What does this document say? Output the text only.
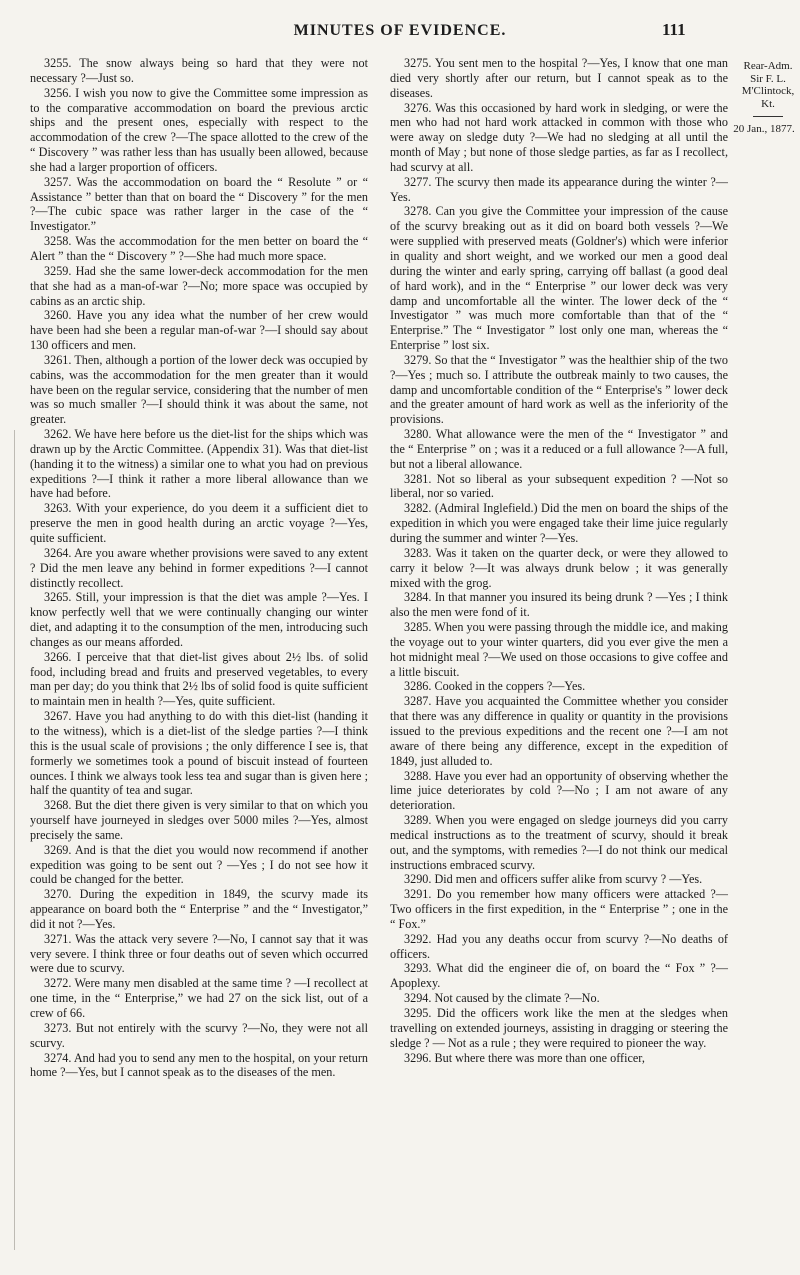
MINUTES OF EVIDENCE.	111

3255. The snow always being so hard that they were not necessary ?—Just so.

3256. I wish you now to give the Committee some impression as to the comparative accommodation on board the previous arctic ships and the present ones, especially with respect to the accommodation of the crew ?—The space allotted to the crew of the “ Discovery ” was rather less than has usually been allowed, because she had a larger proportion of officers.

3257. Was the accommodation on board the “ Resolute ” or “ Assistance ” better than that on board the “ Discovery ” for the men ?—The cubic space was rather larger in the case of the “ Investigator.”

3258. Was the accommodation for the men better on board the “ Alert ” than the “ Discovery ” ?—She had much more space.

3259. Had she the same lower-deck accommodation for the men that she had as a man-of-war ?—No; more space was occupied by cabins as an arctic ship.

3260. Have you any idea what the number of her crew would have been had she been a regular man-of-war ?—I should say about 130 officers and men.

3261. Then, although a portion of the lower deck was occupied by cabins, was the accommodation for the men greater than it would have been on the regular service, considering that the number of men was so much smaller ?—I should think it was about the same, not greater.

3262. We have here before us the diet-list for the ships which was drawn up by the Arctic Committee. (Appendix 31). Was that diet-list (handing it to the witness) a similar one to what you had on previous expeditions ?—I think it rather a more liberal allowance than we have had before.

3263. With your experience, do you deem it a sufficient diet to preserve the men in good health during an arctic voyage ?—Yes, quite sufficient.

3264. Are you aware whether provisions were saved to any extent ? Did the men leave any behind in former expeditions ?—I cannot distinctly recollect.

3265. Still, your impression is that the diet was ample ?—Yes. I know perfectly well that we were continually changing our winter diet, and adapting it to the consumption of the men, introducing such changes as our means afforded.

3266. I perceive that that diet-list gives about 2½ lbs. of solid food, including bread and fruits and preserved vegetables, to every man per day; do you think that 2½ lbs of solid food is quite sufficient to maintain men in health ?—Yes, quite sufficient.

3267. Have you had anything to do with this diet-list (handing it to the witness), which is a diet-list of the sledge parties ?—I think this is the usual scale of provisions ; the only difference I see is, that formerly we sometimes took a pound of biscuit instead of fourteen ounces. I think we always took less tea and sugar than is given here ; half the quantity of tea and sugar.

3268. But the diet there given is very similar to that on which you yourself have journeyed in sledges over 5000 miles ?—Yes, almost precisely the same.

3269. And is that the diet you would now recommend if another expedition was going to be sent out ? —Yes ; I do not see how it could be changed for the better.

3270. During the expedition in 1849, the scurvy made its appearance on board both the “ Enterprise ” and the “ Investigator,” did it not ?—Yes.

3271. Was the attack very severe ?—No, I cannot say that it was very severe. I think three or four deaths out of seven which occurred were due to scurvy.

3272. Were many men disabled at the same time ? —I recollect at one time, in the “ Enterprise,” we had 27 on the sick list, out of a crew of 66.

3273. But not entirely with the scurvy ?—No, they were not all scurvy.

3274. And had you to send any men to the hospital, on your return home ?—Yes, but I cannot speak as to the diseases of the men.

3275. You sent men to the hospital ?—Yes, I know that one man died very shortly after our return, but I cannot speak as to the diseases.

3276. Was this occasioned by hard work in sledging, or were the men who had not hard work attacked in common with those who were away on sledge duty ?—We had no sledging at all until the month of May ; but none of those sledge parties, as far as I recollect, had scurvy at all.

3277. The scurvy then made its appearance during the winter ?—Yes.

3278. Can you give the Committee your impression of the cause of the scurvy breaking out as it did on board both vessels ?—We were supplied with preserved meats (Goldner's) which were inferior in quality and short weight, and we worked our men a good deal during the winter and early spring, carrying off ballast (a good deal of hard work), and in the “ Enterprise ” our lower deck was very damp and uncomfortable all the winter. The lower deck of the “ Investigator ” was much more comfortable than that of the “ Enterprise.” The “ Investigator ” lost only one man, whereas the “ Enterprise ” lost six.

3279. So that the “ Investigator ” was the healthier ship of the two ?—Yes ; much so. I attribute the outbreak mainly to two causes, the damp and uncomfortable condition of the “ Enterprise's ” lower deck and the greater amount of hard work as well as the inferiority of the provisions.

3280. What allowance were the men of the “ Investigator ” and the “ Enterprise ” on ; was it a reduced or a full allowance ?—A full, but not a liberal allowance.

3281. Not so liberal as your subsequent expedition ? —Not so liberal, nor so varied.

3282. (Admiral Inglefield.) Did the men on board the ships of the expedition in which you were engaged take their lime juice regularly during the summer and winter ?—Yes.

3283. Was it taken on the quarter deck, or were they allowed to carry it below ?—It was always drunk below ; it was generally mixed with the grog.

3284. In that manner you insured its being drunk ? —Yes ; I think also the men were fond of it.

3285. When you were passing through the middle ice, and making the voyage out to your winter quarters, did you ever give the men a hot midnight meal ?—We used on those occasions to give coffee and a little biscuit.

3286. Cooked in the coppers ?—Yes.

3287. Have you acquainted the Committee whether you consider that there was any difference in quality or quantity in the provisions issued to the previous expeditions and the recent one ?—I am not aware of there being any difference, except in the expedition of 1849, just alluded to.

3288. Have you ever had an opportunity of observing whether the lime juice deteriorates by cold ?—No ; I am not aware of any deterioration.

3289. When you were engaged on sledge journeys did you carry medical instructions as to the treatment of scurvy, should it break out, and the symptoms, with remedies ?—I do not think our medical instructions embraced scurvy.

3290. Did men and officers suffer alike from scurvy ? —Yes.

3291. Do you remember how many officers were attacked ?—Two officers in the first expedition, in the “ Enterprise ” ; one in the “ Fox.”

3292. Had you any deaths occur from scurvy ?—No deaths of officers.

3293. What did the engineer die of, on board the “ Fox ” ?—Apoplexy.

3294. Not caused by the climate ?—No.

3295. Did the officers work like the men at the sledges when travelling on extended journeys, assisting in dragging or steering the sledge ? — Not as a rule ; they were required to pioneer the way.

3296. But where there was more than one officer,

Rear-Adm.
Sir F. L.
M'Clintock,
Kt.
20 Jan., 1877.
